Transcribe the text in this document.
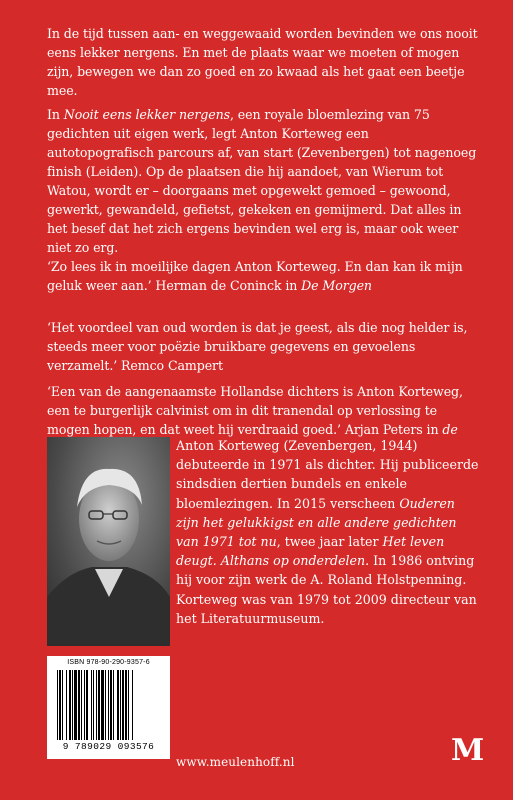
In de tijd tussen aan- en weggewaaid worden bevinden we ons nooit eens lekker nergens. En met de plaats waar we moeten of mogen zijn, bewegen we dan zo goed en zo kwaad als het gaat een beetje mee.

In Nooit eens lekker nergens, een royale bloemlezing van 75 gedichten uit eigen werk, legt Anton Korteweg een autotopografisch parcours af, van start (Zevenbergen) tot nagenoeg finish (Leiden). Op de plaatsen die hij aandoet, van Wierum tot Watou, wordt er – doorgaans met opgewekt gemoed – gewoond, gewerkt, gewandeld, gefietst, gekeken en gemijmerd. Dat alles in het besef dat het zich ergens bevinden wel erg is, maar ook weer niet zo erg.

‘Zo lees ik in moeilijke dagen Anton Korteweg. En dan kan ik mijn geluk weer aan.’ Herman de Coninck in De Morgen

‘Het voordeel van oud worden is dat je geest, als die nog helder is, steeds meer voor poëzie bruikbare gegevens en gevoelens verzamelt.’ Remco Campert

‘Een van de aangenaamste Hollandse dichters is Anton Korteweg, een te burgerlijk calvinist om in dit tranendal op verlossing te mogen hopen, en dat weet hij verdraaid goed.’ Arjan Peters in de

Anton Korteweg (Zevenbergen, 1944) debuteerde in 1971 als dichter. Hij publiceerde sindsdien dertien bundels en enkele bloemlezingen. In 2015 verscheen Ouderen zijn het gelukkigst en alle andere gedichten van 1971 tot nu, twee jaar later Het leven deugt. Althans op onderdelen. In 1986 ontving hij voor zijn werk de A. Roland Holstpenning. Korteweg was van 1979 tot 2009 directeur van het Literatuurmuseum.

ISBN 978-90-290-9357-6
9 789029 093576
www.meulenhoff.nl	M
